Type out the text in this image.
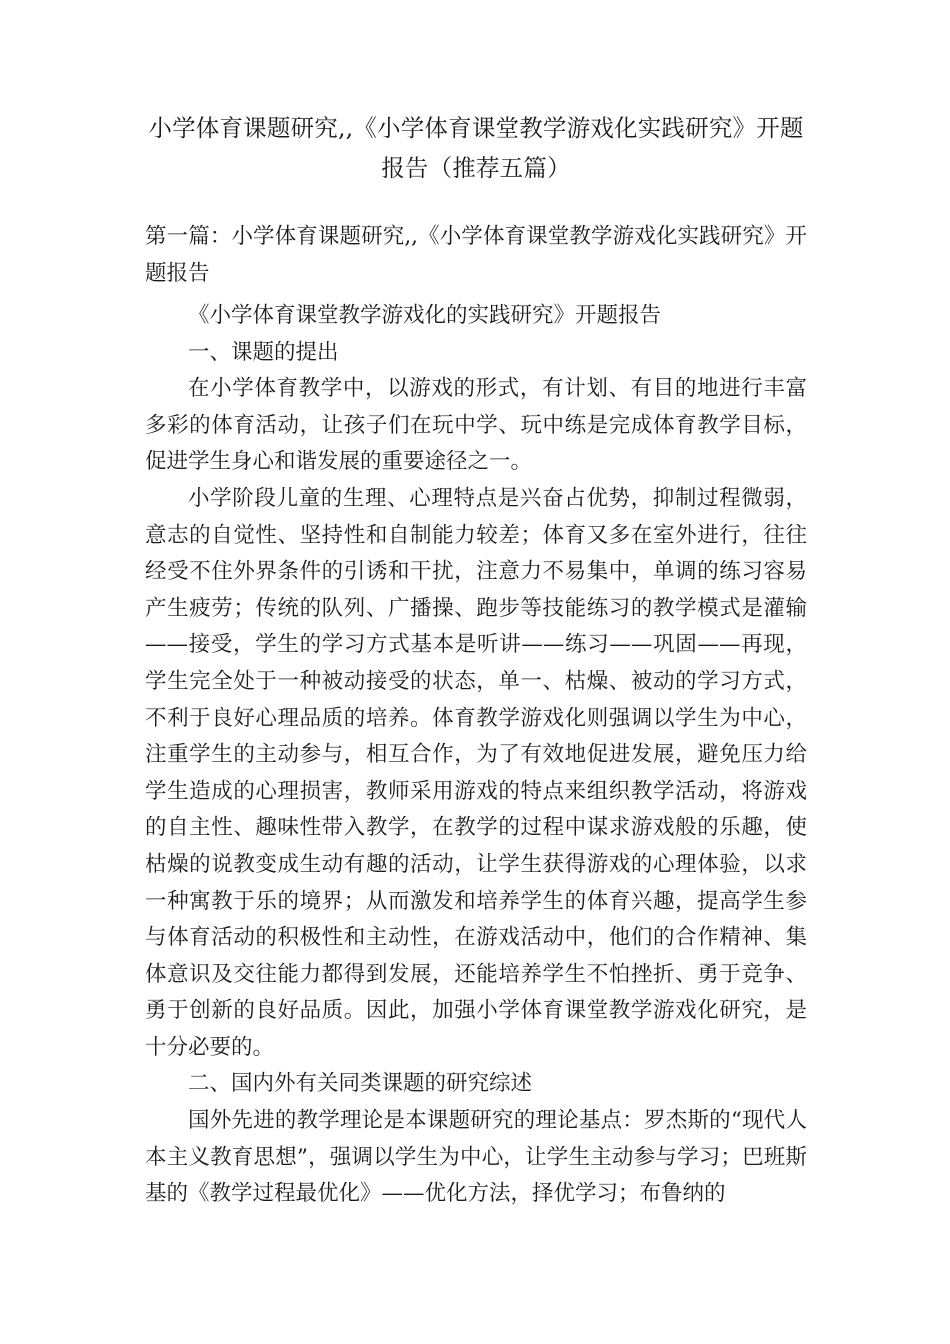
小学体育课题研究,,《小学体育课堂教学游戏化实践研究》开题报告（推荐五篇）

第一篇：小学体育课题研究,,《小学体育课堂教学游戏化实践研究》开题报告

《小学体育课堂教学游戏化的实践研究》开题报告

一、课题的提出

在小学体育教学中，以游戏的形式，有计划、有目的地进行丰富多彩的体育活动，让孩子们在玩中学、玩中练是完成体育教学目标，促进学生身心和谐发展的重要途径之一。

小学阶段儿童的生理、心理特点是兴奋占优势，抑制过程微弱，意志的自觉性、坚持性和自制能力较差；体育又多在室外进行，往往经受不住外界条件的引诱和干扰，注意力不易集中，单调的练习容易产生疲劳；传统的队列、广播操、跑步等技能练习的教学模式是灌输——接受，学生的学习方式基本是听讲——练习——巩固——再现，学生完全处于一种被动接受的状态，单一、枯燥、被动的学习方式，不利于良好心理品质的培养。体育教学游戏化则强调以学生为中心，注重学生的主动参与，相互合作，为了有效地促进发展，避免压力给学生造成的心理损害，教师采用游戏的特点来组织教学活动，将游戏的自主性、趣味性带入教学，在教学的过程中谋求游戏般的乐趣，使枯燥的说教变成生动有趣的活动，让学生获得游戏的心理体验，以求一种寓教于乐的境界；从而激发和培养学生的体育兴趣，提高学生参与体育活动的积极性和主动性，在游戏活动中，他们的合作精神、集体意识及交往能力都得到发展，还能培养学生不怕挫折、勇于竞争、勇于创新的良好品质。因此，加强小学体育课堂教学游戏化研究，是十分必要的。

二、国内外有关同类课题的研究综述

国外先进的教学理论是本课题研究的理论基点：罗杰斯的“现代人本主义教育思想”，强调以学生为中心，让学生主动参与学习；巴班斯基的《教学过程最优化》——优化方法，择优学习；布鲁纳的
